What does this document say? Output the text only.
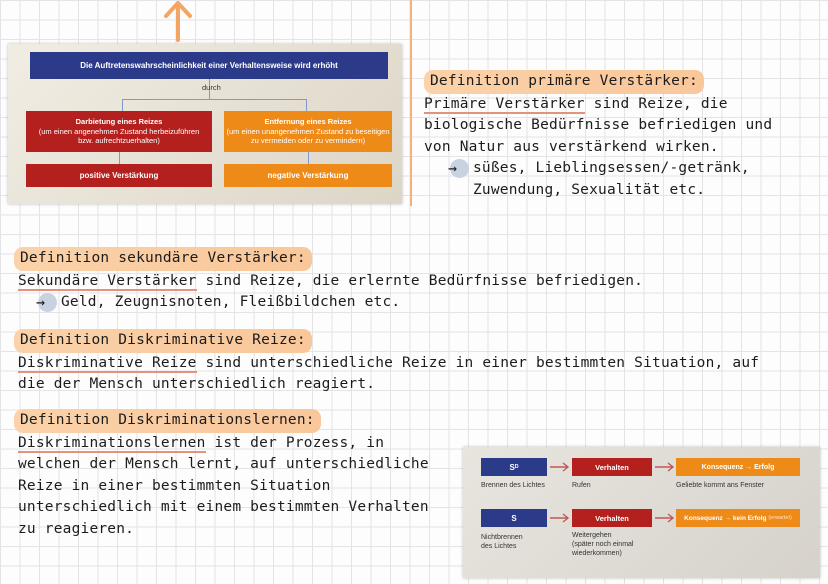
Die Auftretenswahrscheinlichkeit einer Verhaltensweise wird erhöht
durch
Darbietung eines Reizes
(um einen angenehmen Zustand herbeizuführen
bzw. aufrechtzuerhalten)
Entfernung eines Reizes
(um einen unangenehmen Zustand zu beseitigen
zu vermeiden oder zu vermindern)
positive Verstärkung	negative Verstärkung
Definition primäre Verstärker:
Primäre Verstärker sind Reize, die
biologische Bedürfnisse befriedigen und
von Natur aus verstärkend wirken.
→ süßes, Lieblingsessen/-getränk,
Zuwendung, Sexualität etc.
Definition sekundäre Verstärker:
Sekundäre Verstärker sind Reize, die erlernte Bedürfnisse befriedigen.
→ Geld, Zeugnisnoten, Fleißbildchen etc.
Definition Diskriminative Reize:
Diskriminative Reize sind unterschiedliche Reize in einer bestimmten Situation, auf
die der Mensch unterschiedlich reagiert.
Definition Diskriminationslernen:
Diskriminationslernen ist der Prozess, in
welchen der Mensch lernt, auf unterschiedliche
Reize in einer bestimmten Situation
unterschiedlich mit einem bestimmten Verhalten
zu reagieren.
Sᴰ	Verhalten	Konsequenz → Erfolg
Brennen des Lichtes	Rufen	Geliebte kommt ans Fenster
S	Verhalten	Konsequenz → kein Erfolg
(erwartet)
Nichtbrennen
des Lichtes
Weitergehen
(später noch einmal
wiederkommen)
